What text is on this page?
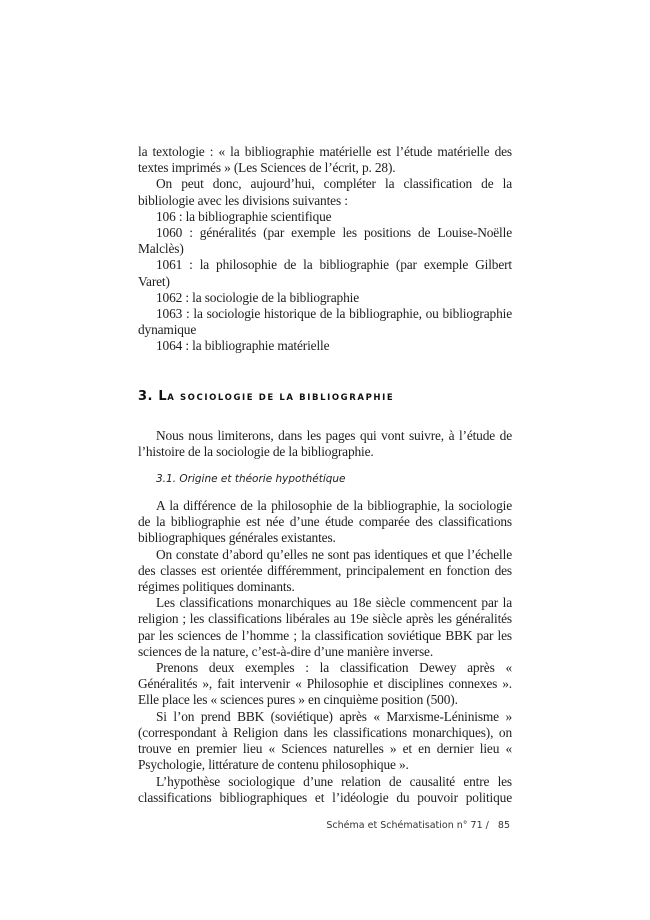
la textologie : « la bibliographie matérielle est l’étude matérielle des textes imprimés » (Les Sciences de l’écrit, p. 28).

On peut donc, aujourd’hui, compléter la classification de la bibliologie avec les divisions suivantes :

106 : la bibliographie scientifique

1060 : généralités (par exemple les positions de Louise-Noëlle Malclès)

1061 : la philosophie de la bibliographie (par exemple Gilbert Varet)

1062 : la sociologie de la bibliographie

1063 : la sociologie historique de la bibliographie, ou bibliographie dynamique

1064 : la bibliographie matérielle

3. LA SOCIOLOGIE DE LA BIBLIOGRAPHIE

Nous nous limiterons, dans les pages qui vont suivre, à l’étude de l’histoire de la sociologie de la bibliographie.

3.1. Origine et théorie hypothétique

A la différence de la philosophie de la bibliographie, la sociologie de la bibliographie est née d’une étude comparée des classifications bibliographiques générales existantes.

On constate d’abord qu’elles ne sont pas identiques et que l’échelle des classes est orientée différemment, principalement en fonction des régimes politiques dominants.

Les classifications monarchiques au 18e siècle commencent par la religion ; les classifications libérales au 19e siècle après les généralités par les sciences de l’homme ; la classification soviétique BBK par les sciences de la nature, c’est-à-dire d’une manière inverse.

Prenons deux exemples : la classification Dewey après « Généralités », fait intervenir « Philosophie et disciplines connexes ». Elle place les « sciences pures » en cinquième position (500).

Si l’on prend BBK (soviétique) après « Marxisme-Léninisme » (correspondant à Religion dans les classifications monarchiques), on trouve en premier lieu « Sciences naturelles » et en dernier lieu « Psychologie, littérature de contenu philosophique ».

L’hypothèse sociologique d’une relation de causalité entre les classifications bibliographiques et l’idéologie du pouvoir politique

Schéma et Schématisation n° 71 /   85
